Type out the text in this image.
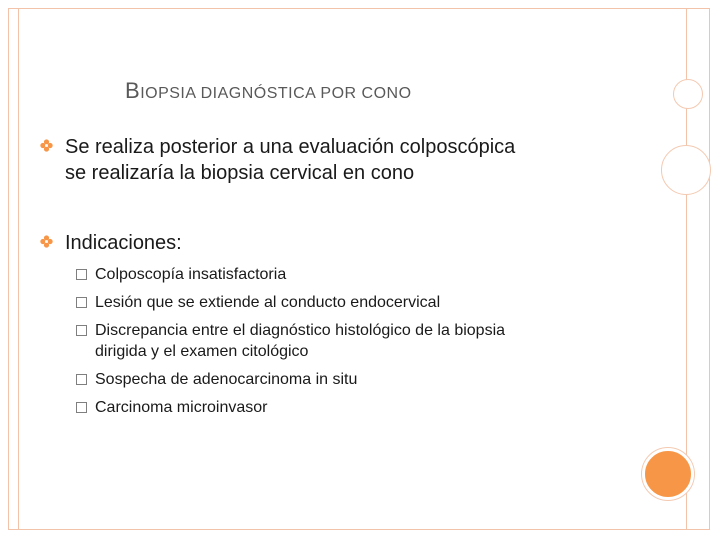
BIOPSIA DIAGNÓSTICA POR CONO
Se realiza posterior a una evaluación colposcópica
se realizaría la biopsia cervical en cono
Indicaciones:
Colposcopía insatisfactoria
Lesión que se extiende al conducto endocervical
Discrepancia entre el diagnóstico histológico de la biopsia
dirigida y el examen citológico
Sospecha de adenocarcinoma in situ
Carcinoma microinvasor
